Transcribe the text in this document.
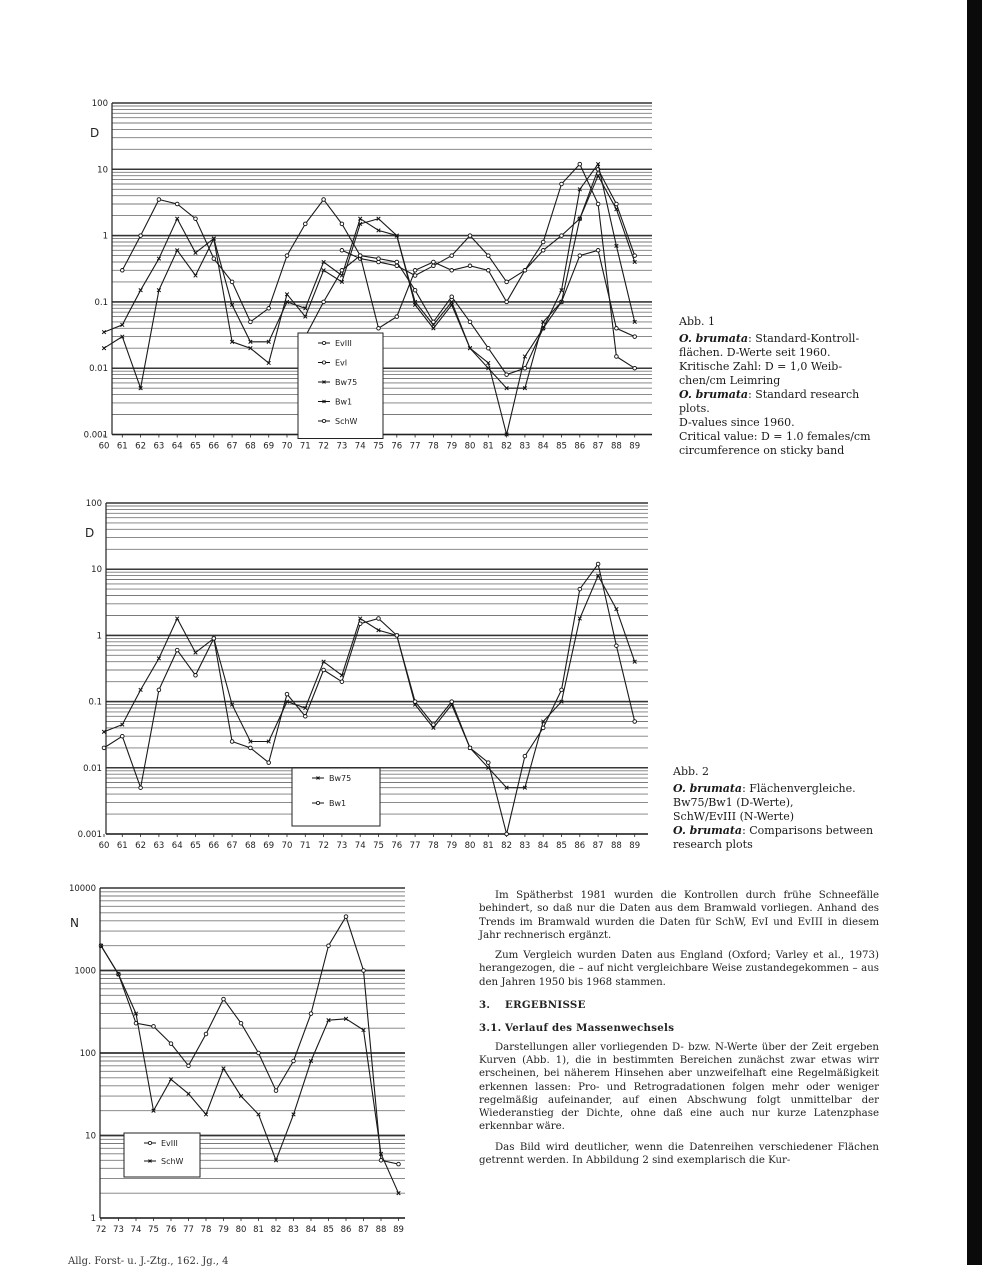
100
10
1
0.1
0.01
0.001
D
60 61 62 63 64 65 66 67 68 69 70 71 72 73 74 75 76 77 78 79 80 81 82 83 84 85 86 87 88 89
EvIII
EvI
Bw75
Bw1
SchW
100
10
1
0.1
0.01
0.001
D
60 61 62 63 64 65 66 67 68 69 70 71 72 73 74 75 76 77 78 79 80 81 82 83 84 85 86 87 88 89
Bw75
Bw1
10000
1000
100
10
1
N
72 73 74 75 76 77 78 79 80 81 82 83 84 85 86 87 88 89
EvIII
SchW
Abb. 1
O. brumata: Standard-Kontroll-
flächen. D-Werte seit 1960.
Kritische Zahl: D = 1,0 Weib-
chen/cm Leimring
O. brumata: Standard research plots.
D-values since 1960.
Critical value: D = 1.0 females/cm
circumference on sticky band
Abb. 2
O. brumata: Flächenvergleiche.
Bw75/Bw1 (D-Werte),
SchW/EvIII (N-Werte)
O. brumata: Comparisons between
research plots

Im Spätherbst 1981 wurden die Kontrollen durch frühe Schneefälle behindert, so daß nur die Daten aus dem Bramwald vorliegen. Anhand des Trends im Bramwald wurden die Daten für SchW, EvI und EvIII in diesem Jahr rechnerisch ergänzt.

Zum Vergleich wurden Daten aus England (Oxford; Varley et al., 1973) herangezogen, die – auf nicht vergleichbare Weise zustandegekommen – aus den Jahren 1950 bis 1968 stammen.

3. ERGEBNISSE

3.1. Verlauf des Massenwechsels

Darstellungen aller vorliegenden D- bzw. N-Werte über der Zeit ergeben Kurven (Abb. 1), die in bestimmten Bereichen zunächst zwar etwas wirr erscheinen, bei näherem Hinsehen aber unzweifelhaft eine Regelmäßigkeit erkennen lassen: Pro- und Retrogradationen folgen mehr oder weniger regelmäßig aufeinander, auf einen Abschwung folgt unmittelbar der Wiederanstieg der Dichte, ohne daß eine auch nur kurze Latenzphase erkennbar wäre.

Das Bild wird deutlicher, wenn die Datenreihen verschiedener Flächen getrennt werden. In Abbildung 2 sind exemplarisch die Kur-

Allg. Forst- u. J.-Ztg., 162. Jg., 4
